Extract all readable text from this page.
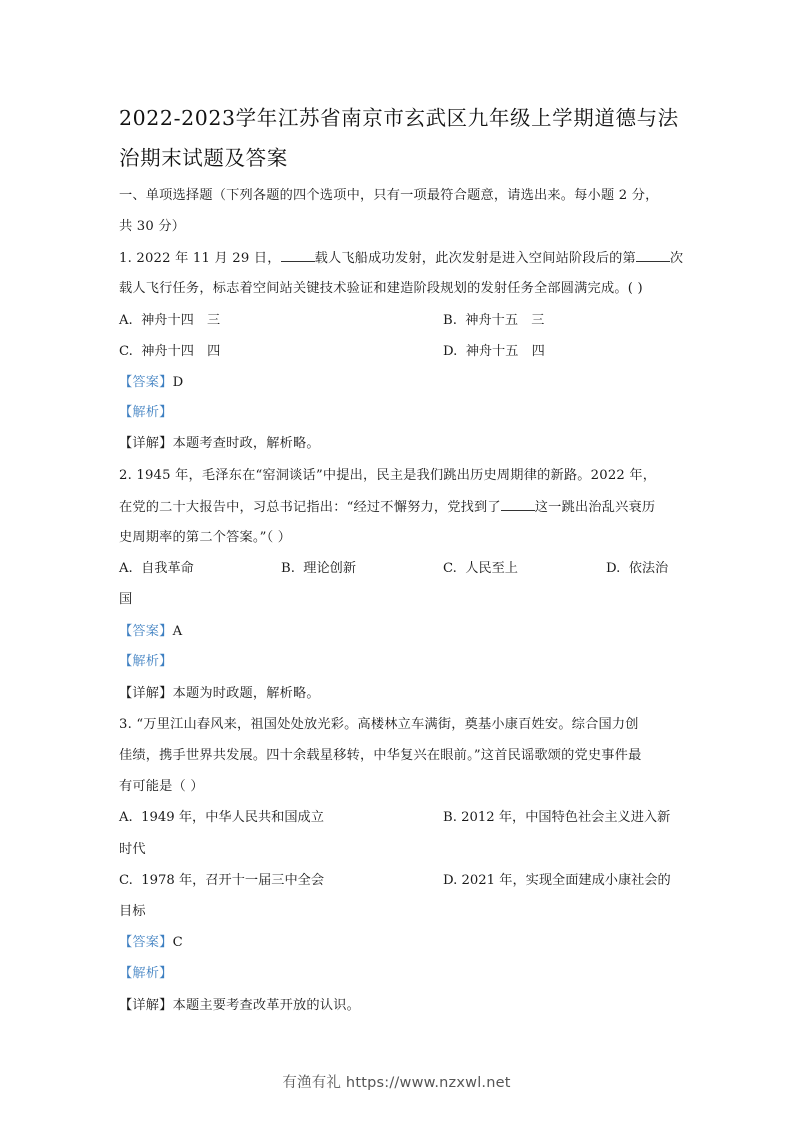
2022-2023学年江苏省南京市玄武区九年级上学期道德与法
治期末试题及答案
一、单项选择题（下列各题的四个选项中，只有一项最符合题意，请选出来。每小题 2 分，
共 30 分）
1. 2022 年 11 月 29 日，	载人飞船成功发射，此次发射是进入空间站阶段后的第	次
载人飞行任务，标志着空间站关键技术验证和建造阶段规划的发射任务全部圆满完成。( )
A. 神舟十四　三	B. 神舟十五　三
C. 神舟十四　四	D. 神舟十五　四
【答案】D
【解析】
【详解】本题考查时政，解析略。
2. 1945 年，毛泽东在“窑洞谈话”中提出，民主是我们跳出历史周期律的新路。2022 年，
在党的二十大报告中，习总书记指出：“经过不懈努力，党找到了	这一跳出治乱兴衰历
史周期率的第二个答案。”（ ）
A. 自我革命	B. 理论创新	C. 人民至上	D. 依法治
国
【答案】A
【解析】
【详解】本题为时政题，解析略。
3. “万里江山春风来，祖国处处放光彩。高楼林立车满街，奠基小康百姓安。综合国力创
佳绩，携手世界共发展。四十余载星移转，中华复兴在眼前。”这首民谣歌颂的党史事件最
有可能是（ ）
A. 1949 年，中华人民共和国成立	B. 2012 年，中国特色社会主义进入新
时代
C. 1978 年，召开十一届三中全会	D. 2021 年，实现全面建成小康社会的
目标
【答案】C
【解析】
【详解】本题主要考查改革开放的认识。
有渔有礼 https://www.nzxwl.net
